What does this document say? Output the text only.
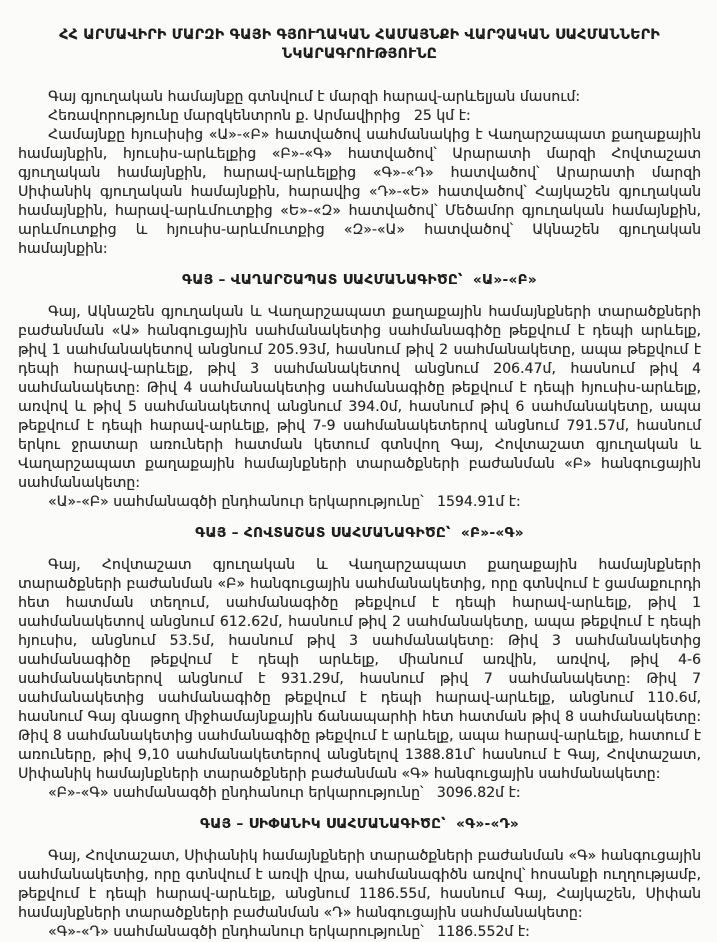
ՀՀ ԱՐՄԱՎԻՐԻ ՄԱՐԶԻ ԳԱՅԻ ԳՅՈՒՂԱԿԱՆ ՀԱՄԱՅՆՔԻ ՎԱՐՉԱԿԱՆ ՍԱՀՄԱՆՆԵՐԻ
ՆԿԱՐԱԳՐՈՒԹՅՈՒՆԸ

Գայ գյուղական համայնքը գտնվում է մարզի հարավ-արևելյան մասում:

Հեռավորությունը մարզկենտրոն ք. Արմավիրից   25 կմ է:

Համայնքը հյուսիսից «Ա»-«Բ» հատվածով սահմանակից է Վաղարշապատ քաղաքային համայնքին, հյուսիս-արևելքից «Բ»-«Գ» հատվածով՝ Արարատի մարզի Հովտաշատ գյուղական համայնքին, հարավ-արևելքից «Գ»-«Դ» հատվածով՝ Արարատի մարզի Սիփանիկ գյուղական համայնքին, հարավից «Դ»-«Ե» հատվածով՝ Հայկաշեն գյուղական համայնքին, հարավ-արևմուտքից «Ե»-«Զ» հատվածով՝ Մեծամոր գյուղական համայնքին, արևմուտքից և հյուսիս-արևմուտքից «Զ»-«Ա» հատվածով՝ Ակնաշեն գյուղական համայնքին:

ԳԱՅ – ՎԱՂԱՐՇԱՊԱՏ ՍԱՀՄԱՆԱԳԻԾԸ՝  «Ա»-«Բ»

Գայ, Ակնաշեն գյուղական և Վաղարշապատ քաղաքային համայնքների տարածքների բաժանման «Ա» հանգուցային սահմանակետից սահմանագիծը թեքվում է դեպի արևելք, թիվ 1 սահմանակետով անցնում 205.93մ, հասնում թիվ 2 սահմանակետը, ապա թեքվում է դեպի հարավ-արևելք, թիվ 3 սահմանակետով անցնում 206.47մ, հասնում թիվ 4 սահմանակետը: Թիվ 4 սահմանակետից սահմանագիծը թեքվում է դեպի հյուսիս-արևելք, առվով և թիվ 5 սահմանակետով անցնում 394.0մ, հասնում թիվ 6 սահմանակետը, ապա թեքվում է դեպի հարավ-արևելք, թիվ 7-9 սահմանակետերով անցնում 791.57մ, հասնում երկու ջրատար առուների հատման կետում գտնվող Գայ, Հովտաշատ գյուղական և Վաղարշապատ քաղաքային համայնքների տարածքների բաժանման «Բ» հանգուցային սահմանակետը:

«Ա»-«Բ» սահմանագծի ընդհանուր երկարությունը՝   1594.91մ է:

ԳԱՅ – ՀՈՎՏԱՇԱՏ ՍԱՀՄԱՆԱԳԻԾԸ՝  «Բ»-«Գ»

Գայ, Հովտաշատ գյուղական և Վաղարշապատ քաղաքային համայնքների տարածքների բաժանման «Բ» հանգուցային սահմանակետից, որը գտնվում է ցամաքուրդի հետ հատման տեղում, սահմանագիծը թեքվում է դեպի հարավ-արևելք, թիվ 1 սահմանակետով անցնում 612.62մ, հասնում թիվ 2 սահմանակետը, ապա թեքվում է դեպի հյուսիս, անցնում 53.5մ, հասնում թիվ 3 սահմանակետը: Թիվ 3 սահմանակետից սահմանագիծը թեքվում է դեպի արևելք, միանում առվին, առվով, թիվ 4-6 սահմանակետերով անցնում է 931.29մ, հասնում թիվ 7 սահմանակետը: Թիվ 7 սահմանակետից սահմանագիծը թեքվում է դեպի հարավ-արևելք, անցնում 110.6մ, հասնում Գայ գնացող միջհամայնքային ճանապարհի հետ հատման թիվ 8 սահմանակետը: Թիվ 8 սահմանակետից սահմանագիծը թեքվում է արևելք, ապա հարավ-արևելք, հատում է առուները, թիվ 9,10 սահմանակետերով անցնելով 1388.81մ՝ հասնում է Գայ, Հովտաշատ, Սիփանիկ համայնքների տարածքների բաժանման «Գ» հանգուցային սահմանակետը:

«Բ»-«Գ» սահմանագծի ընդհանուր երկարությունը՝   3096.82մ է:

ԳԱՅ – ՍԻՓԱՆԻԿ ՍԱՀՄԱՆԱԳԻԾԸ՝  «Գ»-«Դ»

Գայ, Հովտաշատ, Սիփանիկ համայնքների տարածքների բաժանման «Գ» հանգուցային սահմանակետից, որը գտնվում է առվի վրա, սահմանագիծն առվով՝ հոսանքի ուղղությամբ, թեքվում է դեպի հարավ-արևելք, անցնում 1186.55մ, հասնում Գայ, Հայկաշեն, Սիփան համայնքների տարածքների բաժանման «Դ» հանգուցային սահմանակետը:

«Գ»-«Դ» սահմանագծի ընդհանուր երկարությունը՝   1186.552մ է:
